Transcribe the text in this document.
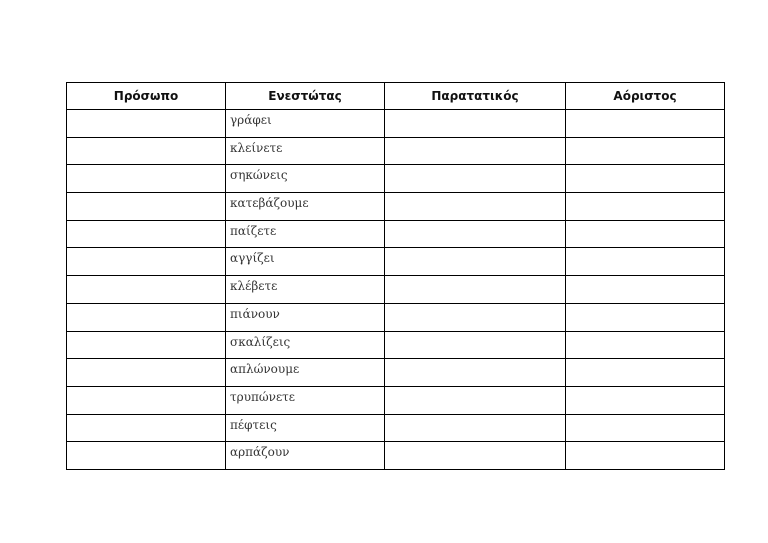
Πρόσωπο	Ενεστώτας	Παρατατικός	Αόριστος
	γράφει		
	κλείνετε		
	σηκώνεις		
	κατεβάζουμε		
	παίζετε		
	αγγίζει		
	κλέβετε		
	πιάνουν		
	σκαλίζεις		
	απλώνουμε		
	τρυπώνετε		
	πέφτεις		
	αρπάζουν		
